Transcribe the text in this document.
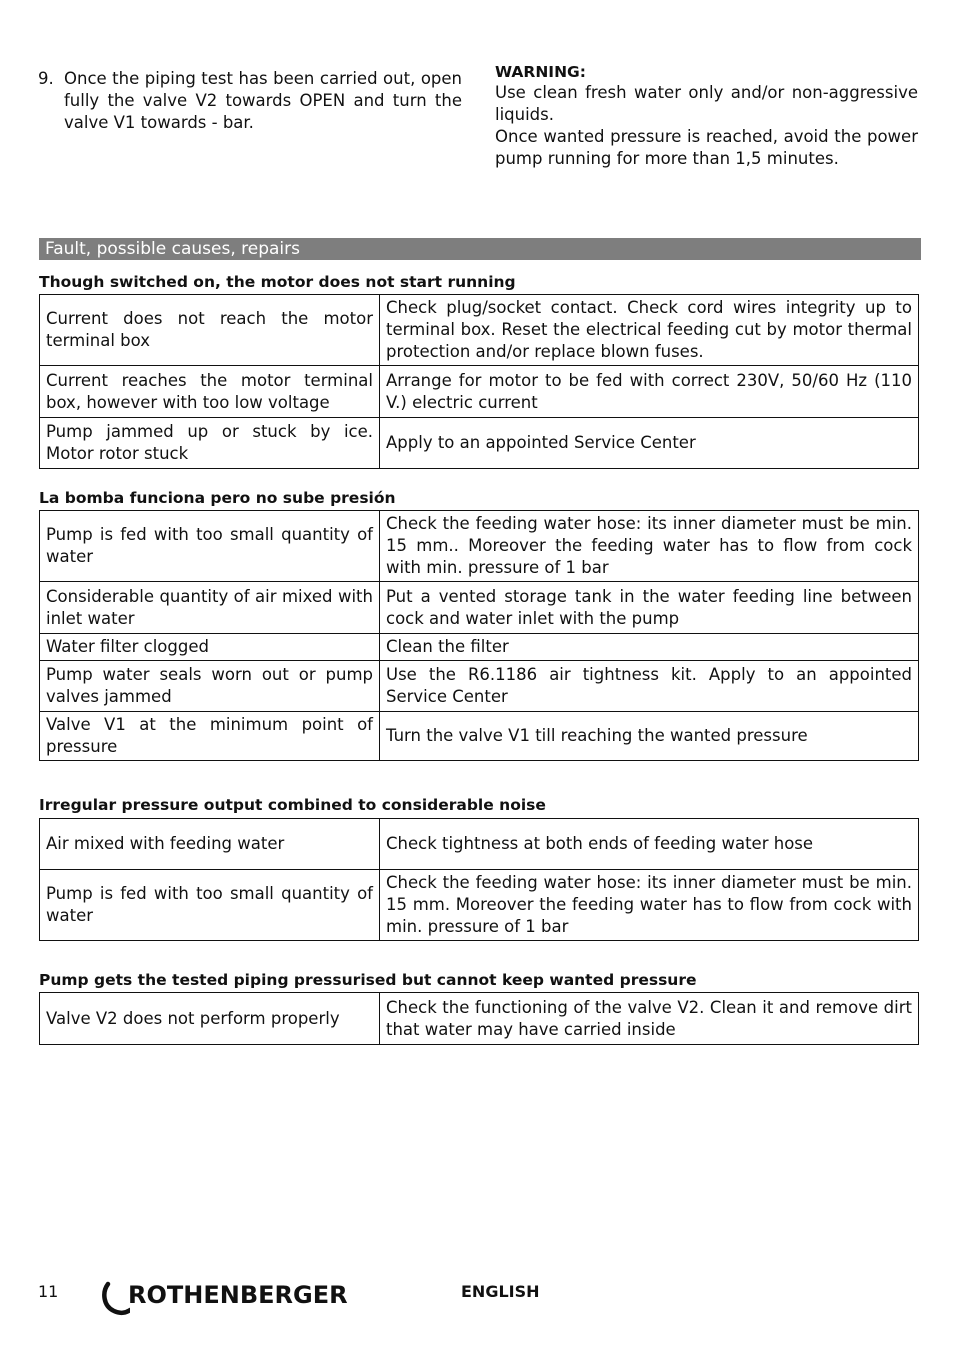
9. Once the piping test has been carried out, open fully the valve V2 towards OPEN and turn the valve V1 towards - bar.
WARNING:

Use clean fresh water only and/or non-aggressive liquids.

Once wanted pressure is reached, avoid the power pump running for more than 1,5 minutes.

Fault, possible causes, repairs
Though switched on, the motor does not start running
Current does not reach the motor terminal box	Check plug/socket contact. Check cord wires integrity up to terminal box. Reset the electrical feeding cut by motor thermal protection and/or replace blown fuses.
Current reaches the motor terminal box, however with too low voltage	Arrange for motor to be fed with correct 230V, 50/60 Hz (110 V.) electric current
Pump jammed up or stuck by ice. Motor rotor stuck	Apply to an appointed Service Center
La bomba funciona pero no sube presión
Pump is fed with too small quantity of water	Check the feeding water hose: its inner diameter must be min. 15 mm.. Moreover the feeding water has to flow from cock with min. pressure of 1 bar
Considerable quantity of air mixed with inlet water	Put a vented storage tank in the water feeding line between cock and water inlet with the pump
Water filter clogged	Clean the filter
Pump water seals worn out or pump valves jammed	Use the R6.1186 air tightness kit. Apply to an appointed Service Center
Valve V1 at the minimum point of pressure	Turn the valve V1 till reaching the wanted pressure
Irregular pressure output combined to considerable noise
Air mixed with feeding water	Check tightness at both ends of feeding water hose
Pump is fed with too small quantity of water	Check the feeding water hose: its inner diameter must be min. 15 mm. Moreover the feeding water has to flow from cock with min. pressure of 1 bar
Pump gets the tested piping pressurised but cannot keep wanted pressure
Valve V2 does not perform properly	Check the functioning of the valve V2. Clean it and remove dirt that water may have carried inside
11	ROTHENBERGER	ENGLISH
